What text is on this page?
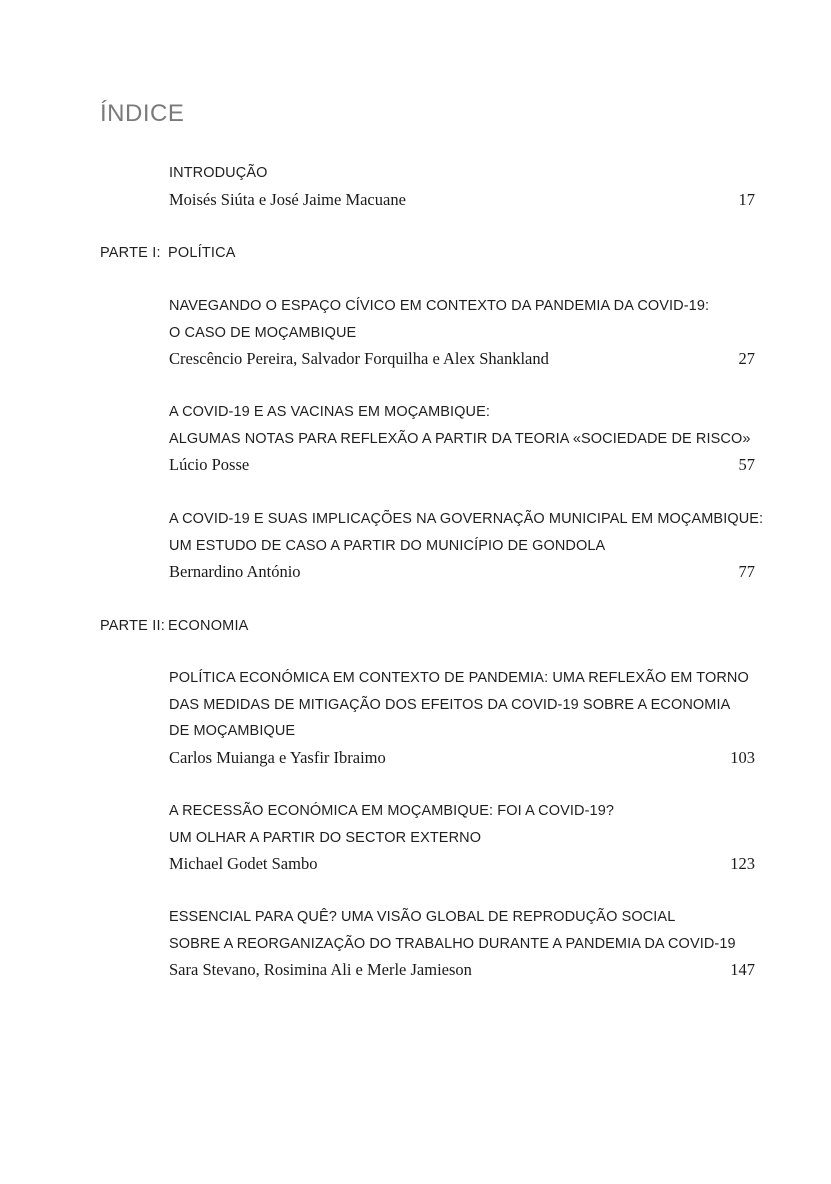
ÍNDICE
INTRODUÇÃO
Moisés Siúta e José Jaime Macuane	17
PARTE I: POLÍTICA
NAVEGANDO O ESPAÇO CÍVICO EM CONTEXTO DA PANDEMIA DA COVID-19:
O CASO DE MOÇAMBIQUE
Crescêncio Pereira, Salvador Forquilha e Alex Shankland	27
A COVID-19 E AS VACINAS EM MOÇAMBIQUE:
ALGUMAS NOTAS PARA REFLEXÃO A PARTIR DA TEORIA «SOCIEDADE DE RISCO»
Lúcio Posse	57
A COVID-19 E SUAS IMPLICAÇÕES NA GOVERNAÇÃO MUNICIPAL EM MOÇAMBIQUE:
UM ESTUDO DE CASO A PARTIR DO MUNICÍPIO DE GONDOLA
Bernardino António	77
PARTE II: ECONOMIA
POLÍTICA ECONÓMICA EM CONTEXTO DE PANDEMIA: UMA REFLEXÃO EM TORNO
DAS MEDIDAS DE MITIGAÇÃO DOS EFEITOS DA COVID-19 SOBRE A ECONOMIA
DE MOÇAMBIQUE
Carlos Muianga e Yasfir Ibraimo	103
A RECESSÃO ECONÓMICA EM MOÇAMBIQUE: FOI A COVID-19?
UM OLHAR A PARTIR DO SECTOR EXTERNO
Michael Godet Sambo	123
ESSENCIAL PARA QUÊ? UMA VISÃO GLOBAL DE REPRODUÇÃO SOCIAL
SOBRE A REORGANIZAÇÃO DO TRABALHO DURANTE A PANDEMIA DA COVID-19
Sara Stevano, Rosimina Ali e Merle Jamieson	147
